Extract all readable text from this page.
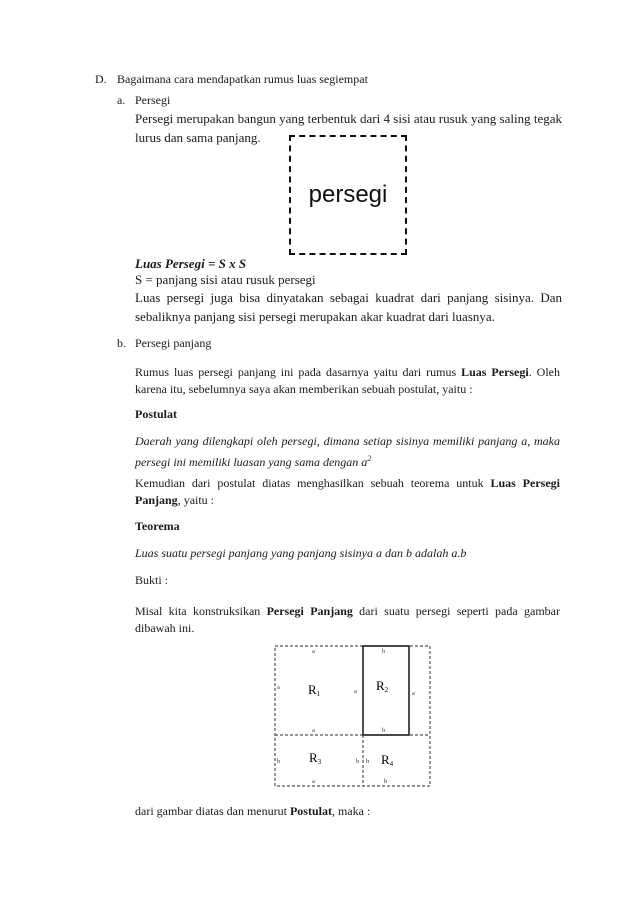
D. Bagaimana cara mendapatkan rumus luas segiempat
a. Persegi
Persegi merupakan bangun yang terbentuk dari 4 sisi atau rusuk yang saling tegak lurus dan sama panjang.
persegi
Luas Persegi = S x S
S = panjang sisi atau rusuk persegi
Luas persegi juga bisa dinyatakan sebagai kuadrat dari panjang sisinya. Dan sebaliknya panjang sisi persegi merupakan akar kuadrat dari luasnya.
b. Persegi panjang
Rumus luas persegi panjang ini pada dasarnya yaitu dari rumus Luas Persegi. Oleh karena itu, sebelumnya saya akan memberikan sebuah postulat, yaitu :
Postulat
Daerah yang dilengkapi oleh persegi, dimana setiap sisinya memiliki panjang a, maka persegi ini memiliki luasan yang sama dengan $a^2$
Kemudian dari postulat diatas menghasilkan sebuah teorema untuk Luas Persegi Panjang, yaitu :
Teorema
Luas suatu persegi panjang yang panjang sisinya a dan b adalah a.b
Bukti :
Misal kita konstruksikan Persegi Panjang dari suatu persegi seperti pada gambar dibawah ini.
R1
R2
R3	R4
a	b
a
a	a
a	b
b	b b
a	b
dari gambar diatas dan menurut Postulat, maka :
